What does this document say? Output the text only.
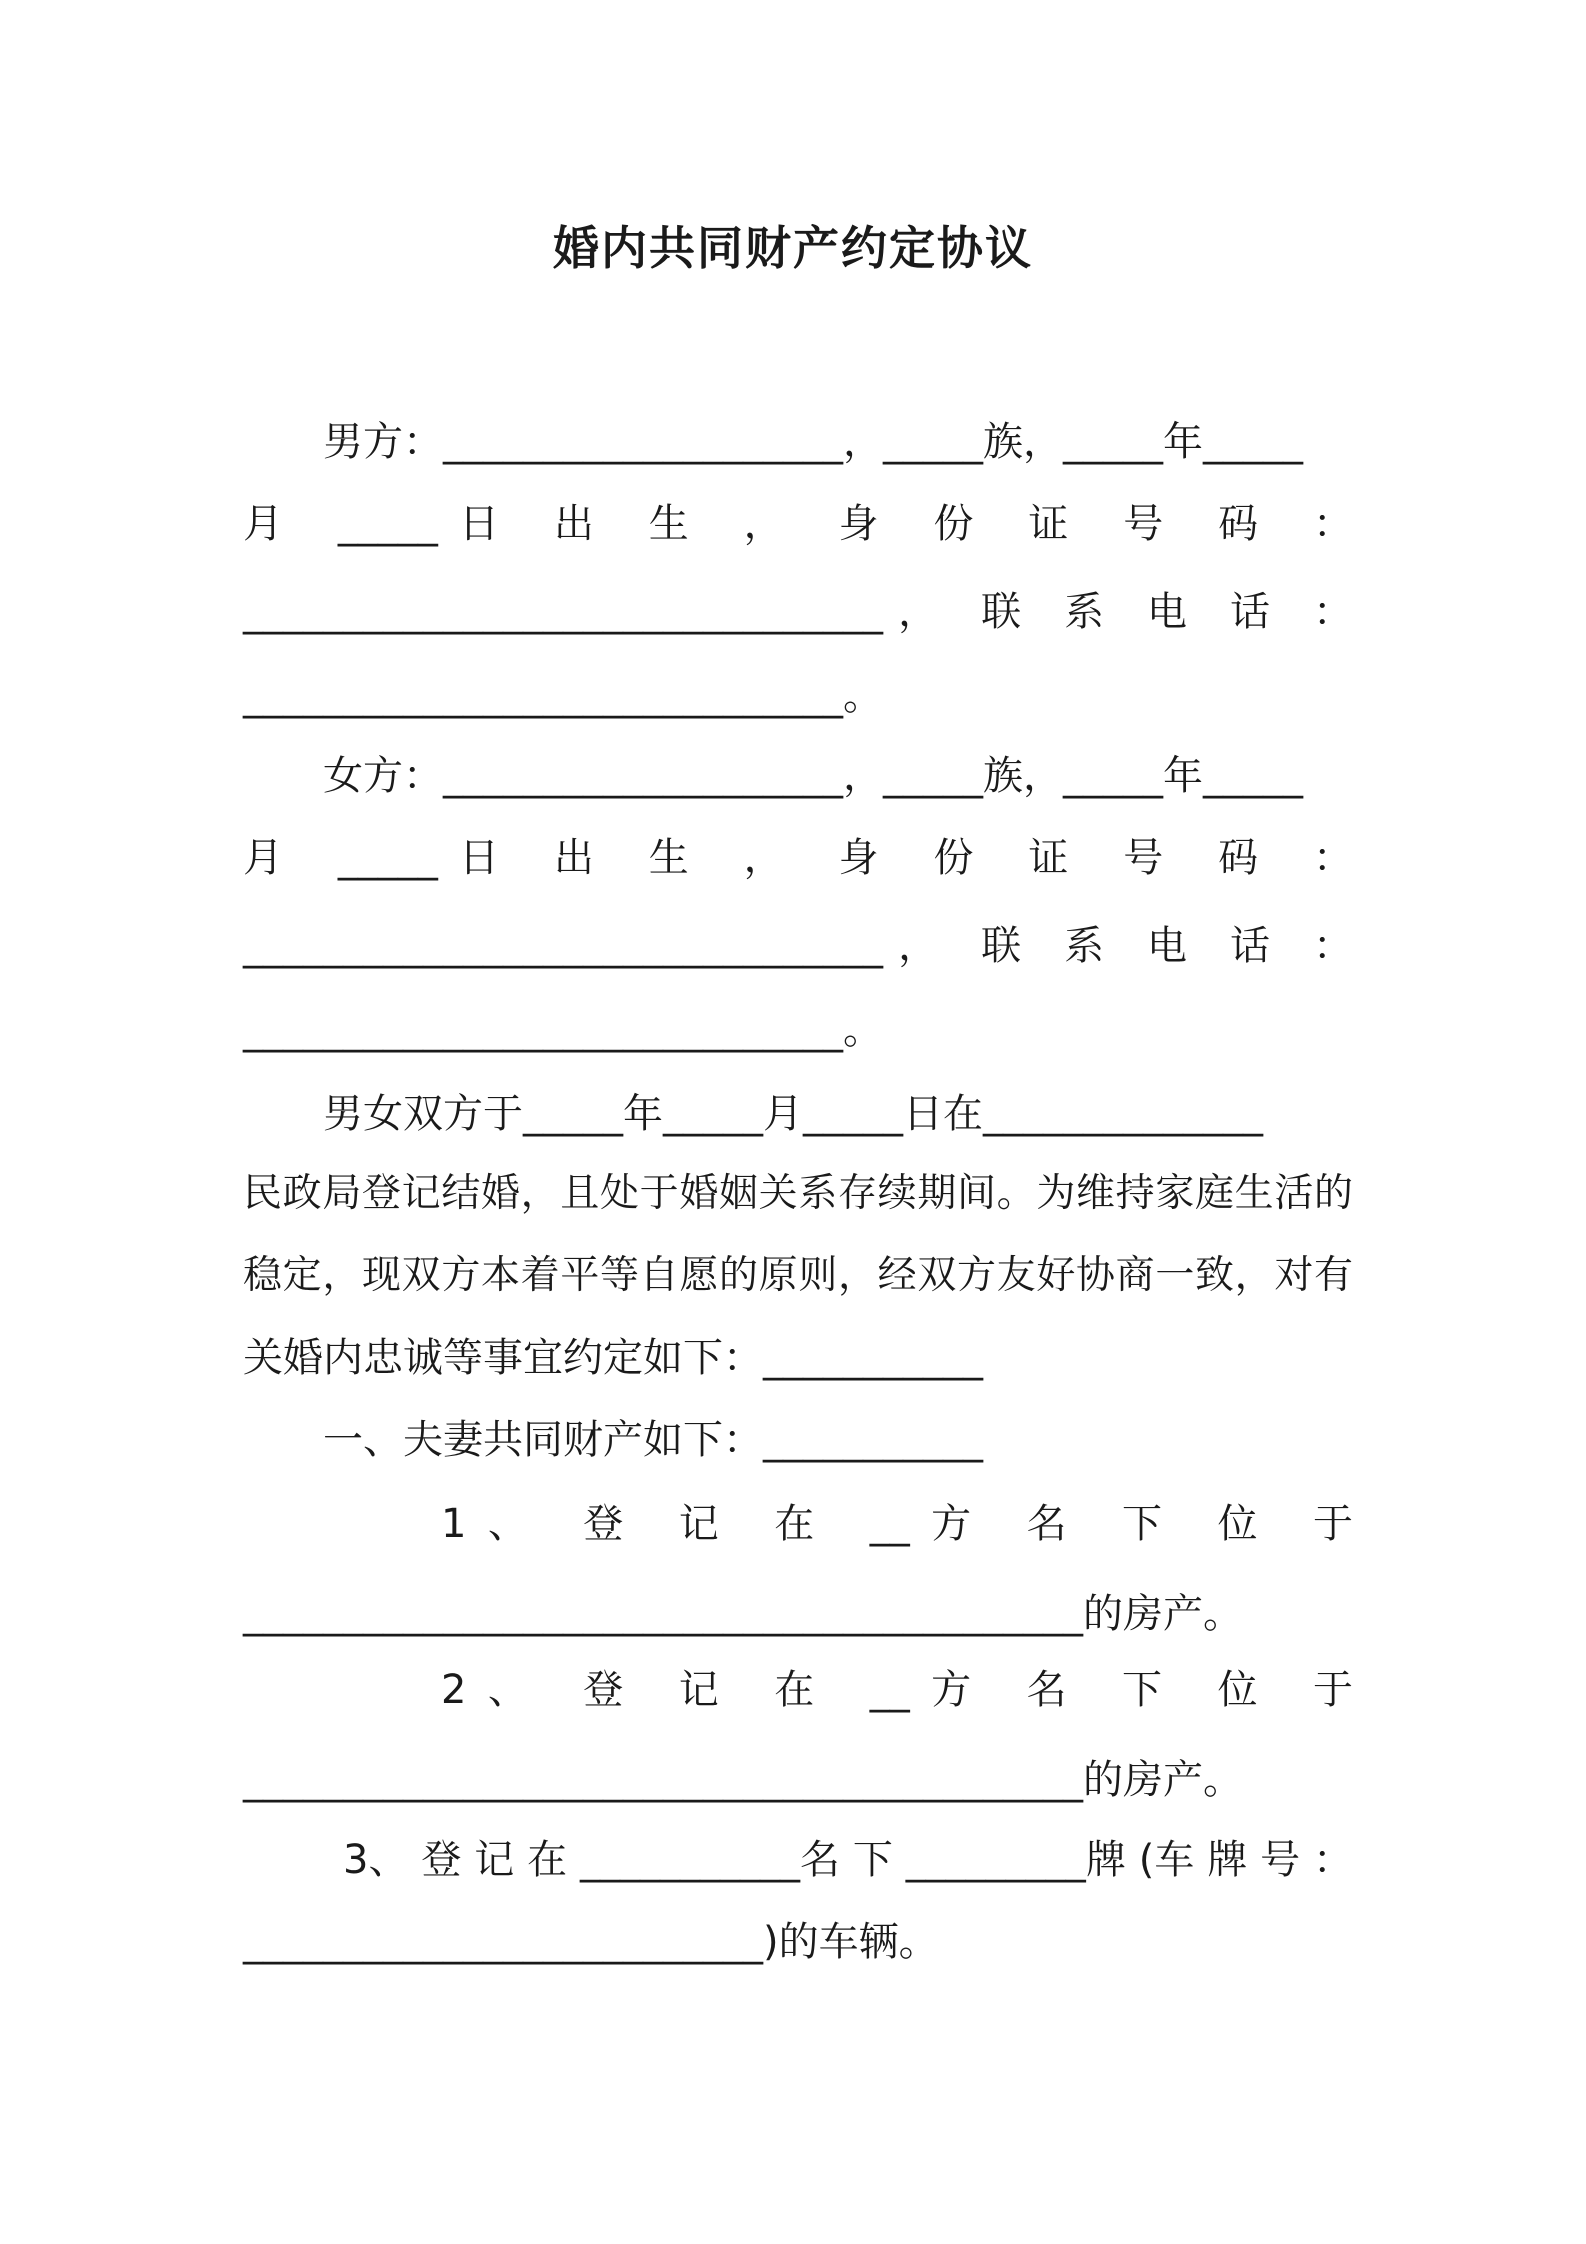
婚内共同财产约定协议
男方：____________________，_____族，_____年_____
月 _____日 出 生 ， 身 份 证 号 码 ：
________________________________， 联 系 电 话 ：
______________________________。
女方：____________________，_____族，_____年_____
月 _____日 出 生 ， 身 份 证 号 码 ：
________________________________， 联 系 电 话 ：
______________________________。
男女双方于_____年_____月_____日在______________
民政局登记结婚，且处于婚姻关系存续期间。为维持家庭生活的
稳定，现双方本着平等自愿的原则，经双方友好协商一致，对有
关婚内忠诚等事宜约定如下：___________
一、夫妻共同财产如下：___________
1、 登 记 在 __方 名 下 位 于
__________________________________________的房产。
2、 登 记 在 __方 名 下 位 于
__________________________________________的房产。
3、 登 记 在 ___________名 下 _________牌 (车 牌 号 ：
__________________________)的车辆。
